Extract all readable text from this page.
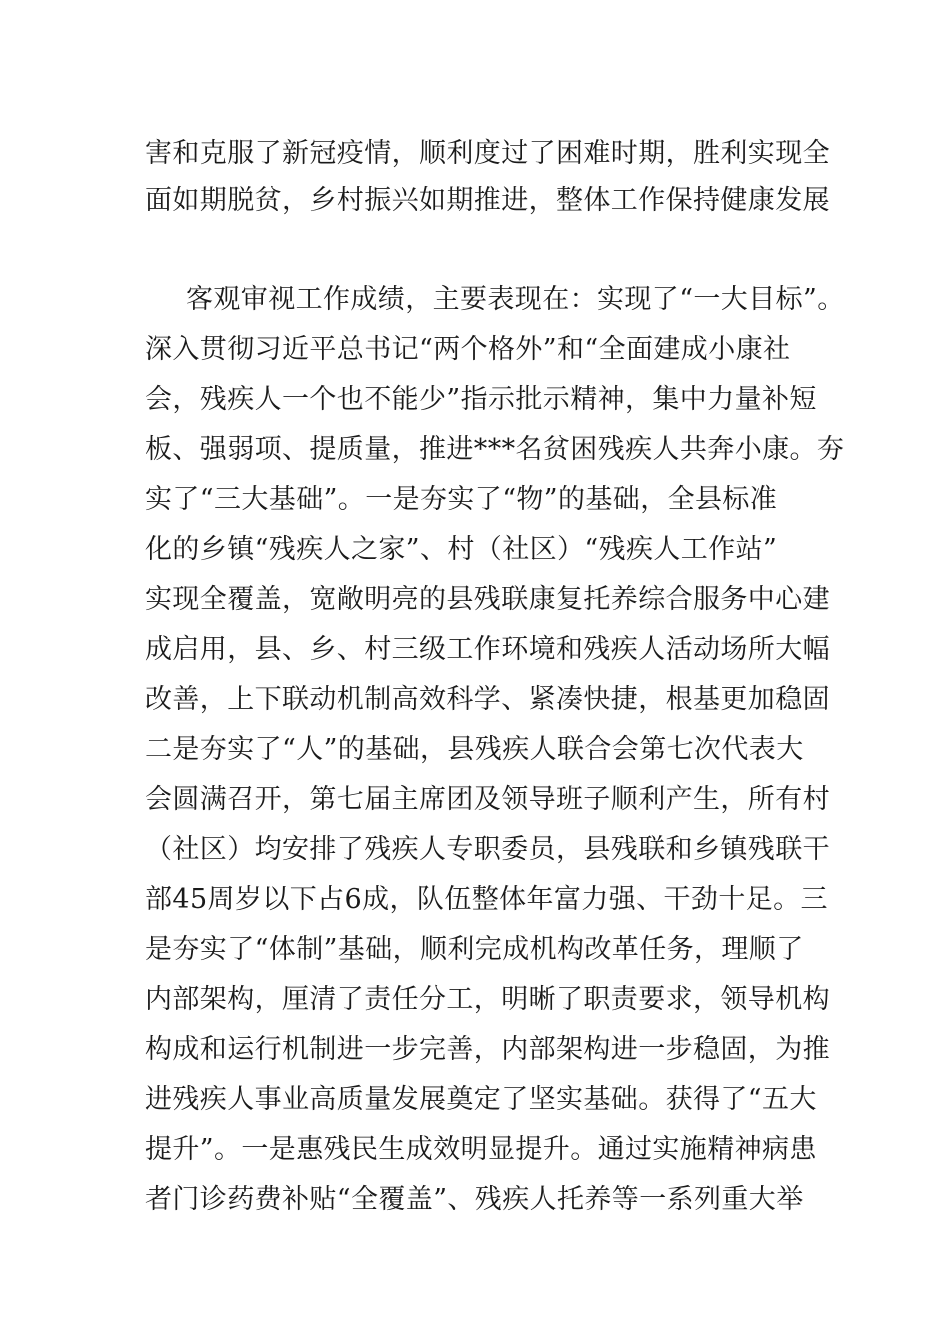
害和克服了新冠疫情，顺利度过了困难时期，胜利实现全
面如期脱贫，乡村振兴如期推进，整体工作保持健康发展
客观审视工作成绩，主要表现在：实现了“一大目标”。
深入贯彻习近平总书记“两个格外”和“全面建成小康社
会，残疾人一个也不能少”指示批示精神，集中力量补短
板、强弱项、提质量，推进***名贫困残疾人共奔小康。夯
实了“三大基础”。一是夯实了“物”的基础，全县标准
化的乡镇“残疾人之家”、村（社区）“残疾人工作站”
实现全覆盖，宽敞明亮的县残联康复托养综合服务中心建
成启用，县、乡、村三级工作环境和残疾人活动场所大幅
改善，上下联动机制高效科学、紧凑快捷，根基更加稳固
二是夯实了“人”的基础，县残疾人联合会第七次代表大
会圆满召开，第七届主席团及领导班子顺利产生，所有村
（社区）均安排了残疾人专职委员，县残联和乡镇残联干
部45周岁以下占6成，队伍整体年富力强、干劲十足。三
是夯实了“体制”基础，顺利完成机构改革任务，理顺了
内部架构，厘清了责任分工，明晰了职责要求，领导机构
构成和运行机制进一步完善，内部架构进一步稳固，为推
进残疾人事业高质量发展奠定了坚实基础。获得了“五大
提升”。一是惠残民生成效明显提升。通过实施精神病患
者门诊药费补贴“全覆盖”、残疾人托养等一系列重大举
